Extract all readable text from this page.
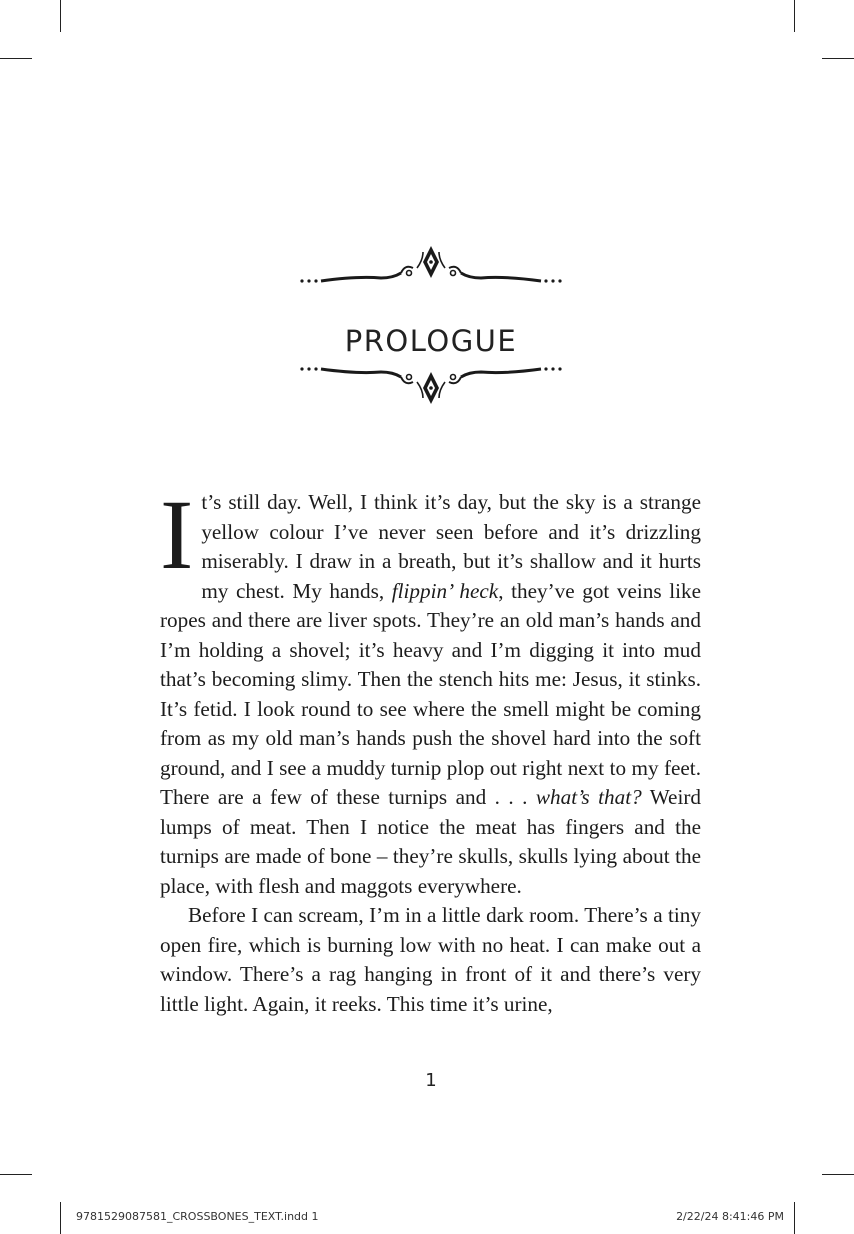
PROLOGUE

It’s still day. Well, I think it’s day, but the sky is a strange yellow colour I’ve never seen before and it’s drizzling miserably. I draw in a breath, but it’s shallow and it hurts my chest. My hands, flippin’ heck, they’ve got veins like ropes and there are liver spots. They’re an old man’s hands and I’m holding a shovel; it’s heavy and I’m digging it into mud that’s becoming slimy. Then the stench hits me: Jesus, it stinks. It’s fetid. I look round to see where the smell might be coming from as my old man’s hands push the shovel hard into the soft ground, and I see a muddy turnip plop out right next to my feet. There are a few of these turnips and . . . what’s that? Weird lumps of meat. Then I notice the meat has fingers and the turnips are made of bone – they’re skulls, skulls lying about the place, with flesh and maggots everywhere.

Before I can scream, I’m in a little dark room. There’s a tiny open fire, which is burning low with no heat. I can make out a window. There’s a rag hanging in front of it and there’s very little light. Again, it reeks. This time it’s urine,

1
9781529087581_CROSSBONES_TEXT.indd 1	2/22/24 8:41:46 PM
